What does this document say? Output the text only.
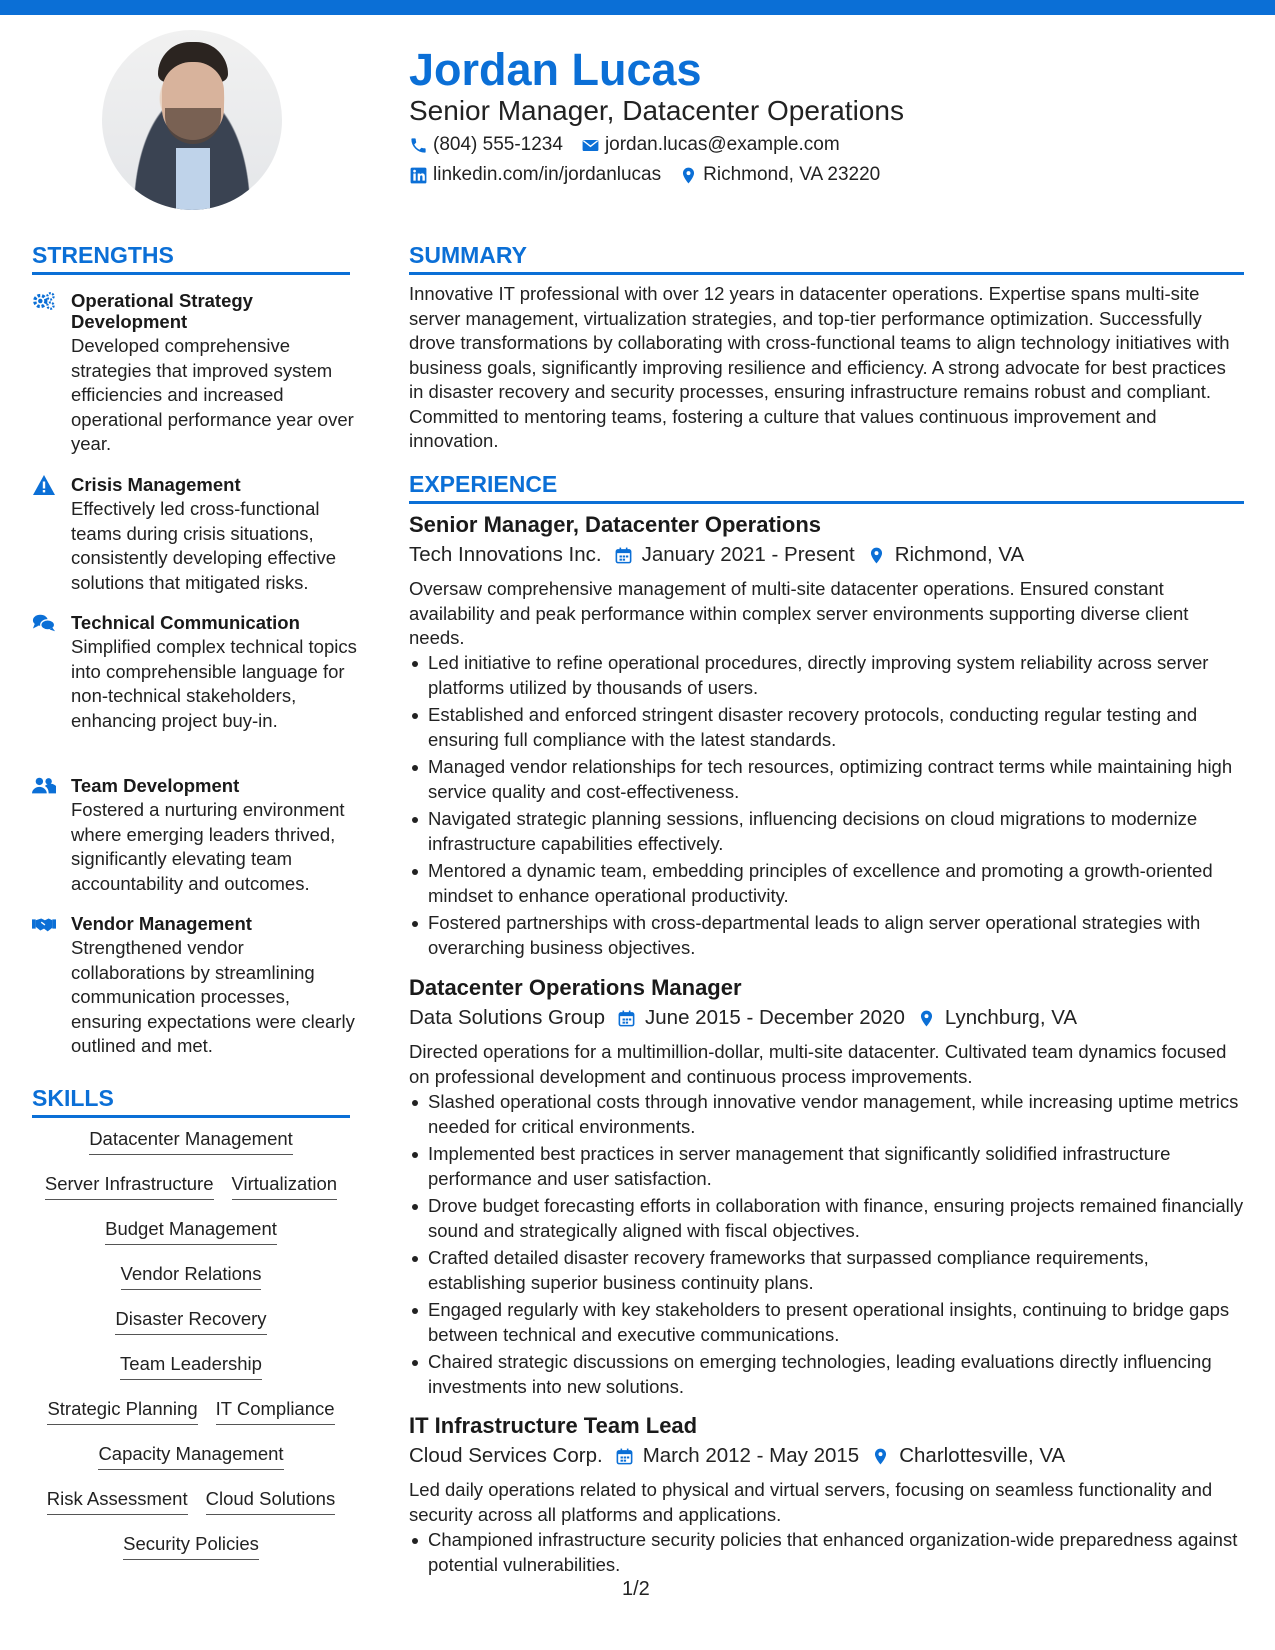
Jordan Lucas
Senior Manager, Datacenter Operations
(804) 555-1234 jordan.lucas@example.com
linkedin.com/in/jordanlucas Richmond, VA 23220
STRENGTHS
Operational Strategy Development
Developed comprehensive strategies that improved system efficiencies and increased operational performance year over year.
Crisis Management
Effectively led cross-functional teams during crisis situations, consistently developing effective solutions that mitigated risks.
Technical Communication
Simplified complex technical topics into comprehensible language for non-technical stakeholders, enhancing project buy-in.
Team Development
Fostered a nurturing environment where emerging leaders thrived, significantly elevating team accountability and outcomes.
Vendor Management
Strengthened vendor collaborations by streamlining communication processes, ensuring expectations were clearly outlined and met.
SKILLS
Datacenter Management
Server Infrastructure Virtualization
Budget Management
Vendor Relations
Disaster Recovery
Team Leadership
Strategic Planning IT Compliance
Capacity Management
Risk Assessment Cloud Solutions
Security Policies
SUMMARY
Innovative IT professional with over 12 years in datacenter operations. Expertise spans multi-site server management, virtualization strategies, and top-tier performance optimization. Successfully drove transformations by collaborating with cross-functional teams to align technology initiatives with business goals, significantly improving resilience and efficiency. A strong advocate for best practices in disaster recovery and security processes, ensuring infrastructure remains robust and compliant. Committed to mentoring teams, fostering a culture that values continuous improvement and innovation.
EXPERIENCE
Senior Manager, Datacenter Operations
Tech Innovations Inc. January 2021 - Present Richmond, VA
Oversaw comprehensive management of multi-site datacenter operations. Ensured constant availability and peak performance within complex server environments supporting diverse client needs.
Led initiative to refine operational procedures, directly improving system reliability across server platforms utilized by thousands of users.
Established and enforced stringent disaster recovery protocols, conducting regular testing and ensuring full compliance with the latest standards.
Managed vendor relationships for tech resources, optimizing contract terms while maintaining high service quality and cost-effectiveness.
Navigated strategic planning sessions, influencing decisions on cloud migrations to modernize infrastructure capabilities effectively.
Mentored a dynamic team, embedding principles of excellence and promoting a growth-oriented mindset to enhance operational productivity.
Fostered partnerships with cross-departmental leads to align server operational strategies with overarching business objectives.
Datacenter Operations Manager
Data Solutions Group June 2015 - December 2020 Lynchburg, VA
Directed operations for a multimillion-dollar, multi-site datacenter. Cultivated team dynamics focused on professional development and continuous process improvements.
Slashed operational costs through innovative vendor management, while increasing uptime metrics needed for critical environments.
Implemented best practices in server management that significantly solidified infrastructure performance and user satisfaction.
Drove budget forecasting efforts in collaboration with finance, ensuring projects remained financially sound and strategically aligned with fiscal objectives.
Crafted detailed disaster recovery frameworks that surpassed compliance requirements, establishing superior business continuity plans.
Engaged regularly with key stakeholders to present operational insights, continuing to bridge gaps between technical and executive communications.
Chaired strategic discussions on emerging technologies, leading evaluations directly influencing investments into new solutions.
IT Infrastructure Team Lead
Cloud Services Corp. March 2012 - May 2015 Charlottesville, VA
Led daily operations related to physical and virtual servers, focusing on seamless functionality and security across all platforms and applications.
Championed infrastructure security policies that enhanced organization-wide preparedness against potential vulnerabilities.
1/2
